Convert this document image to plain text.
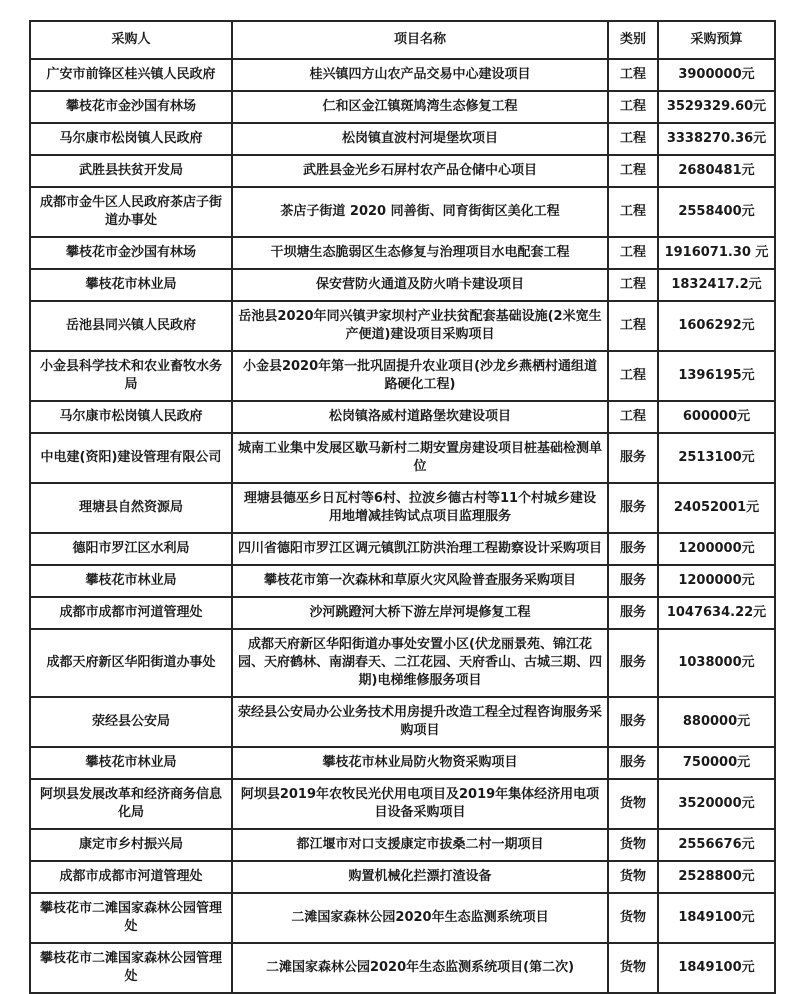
采购人	项目名称	类别	采购预算
广安市前锋区桂兴镇人民政府	桂兴镇四方山农产品交易中心建设项目	工程	3900000元
攀枝花市金沙国有林场	仁和区金江镇斑鸠湾生态修复工程	工程	3529329.60元
马尔康市松岗镇人民政府	松岗镇直波村河堤堡坎项目	工程	3338270.36元
武胜县扶贫开发局	武胜县金光乡石屏村农产品仓储中心项目	工程	2680481元
成都市金牛区人民政府茶店子街道办事处	茶店子街道 2020 同善街、同育街街区美化工程	工程	2558400元
攀枝花市金沙国有林场	干坝塘生态脆弱区生态修复与治理项目水电配套工程	工程	1916071.30 元
攀枝花市林业局	保安营防火通道及防火哨卡建设项目	工程	1832417.2元
岳池县同兴镇人民政府	岳池县2020年同兴镇尹家坝村产业扶贫配套基础设施(2米宽生产便道)建设项目采购项目	工程	1606292元
小金县科学技术和农业畜牧水务局	小金县2020年第一批巩固提升农业项目(沙龙乡燕栖村通组道路硬化工程)	工程	1396195元
马尔康市松岗镇人民政府	松岗镇洛威村道路堡坎建设项目	工程	600000元
中电建(资阳)建设管理有限公司	城南工业集中发展区歇马新村二期安置房建设项目桩基础检测单位	服务	2513100元
理塘县自然资源局	理塘县德巫乡日瓦村等6村、拉波乡德古村等11个村城乡建设用地增减挂钩试点项目监理服务	服务	24052001元
德阳市罗江区水利局	四川省德阳市罗江区调元镇凯江防洪治理工程勘察设计采购项目	服务	1200000元
攀枝花市林业局	攀枝花市第一次森林和草原火灾风险普查服务采购项目	服务	1200000元
成都市成都市河道管理处	沙河跳蹬河大桥下游左岸河堤修复工程	服务	1047634.22元
成都天府新区华阳街道办事处	成都天府新区华阳街道办事处安置小区(伏龙丽景苑、锦江花园、天府鹤林、南湖春天、二江花园、天府香山、古城三期、四期)电梯维修服务项目	服务	1038000元
荥经县公安局	荥经县公安局办公业务技术用房提升改造工程全过程咨询服务采购项目	服务	880000元
攀枝花市林业局	攀枝花市林业局防火物资采购项目	服务	750000元
阿坝县发展改革和经济商务信息化局	阿坝县2019年农牧民光伏用电项目及2019年集体经济用电项目设备采购项目	货物	3520000元
康定市乡村振兴局	都江堰市对口支援康定市拔桑二村一期项目	货物	2556676元
成都市成都市河道管理处	购置机械化拦漂打渣设备	货物	2528800元
攀枝花市二滩国家森林公园管理处	二滩国家森林公园2020年生态监测系统项目	货物	1849100元
攀枝花市二滩国家森林公园管理处	二滩国家森林公园2020年生态监测系统项目(第二次)	货物	1849100元
